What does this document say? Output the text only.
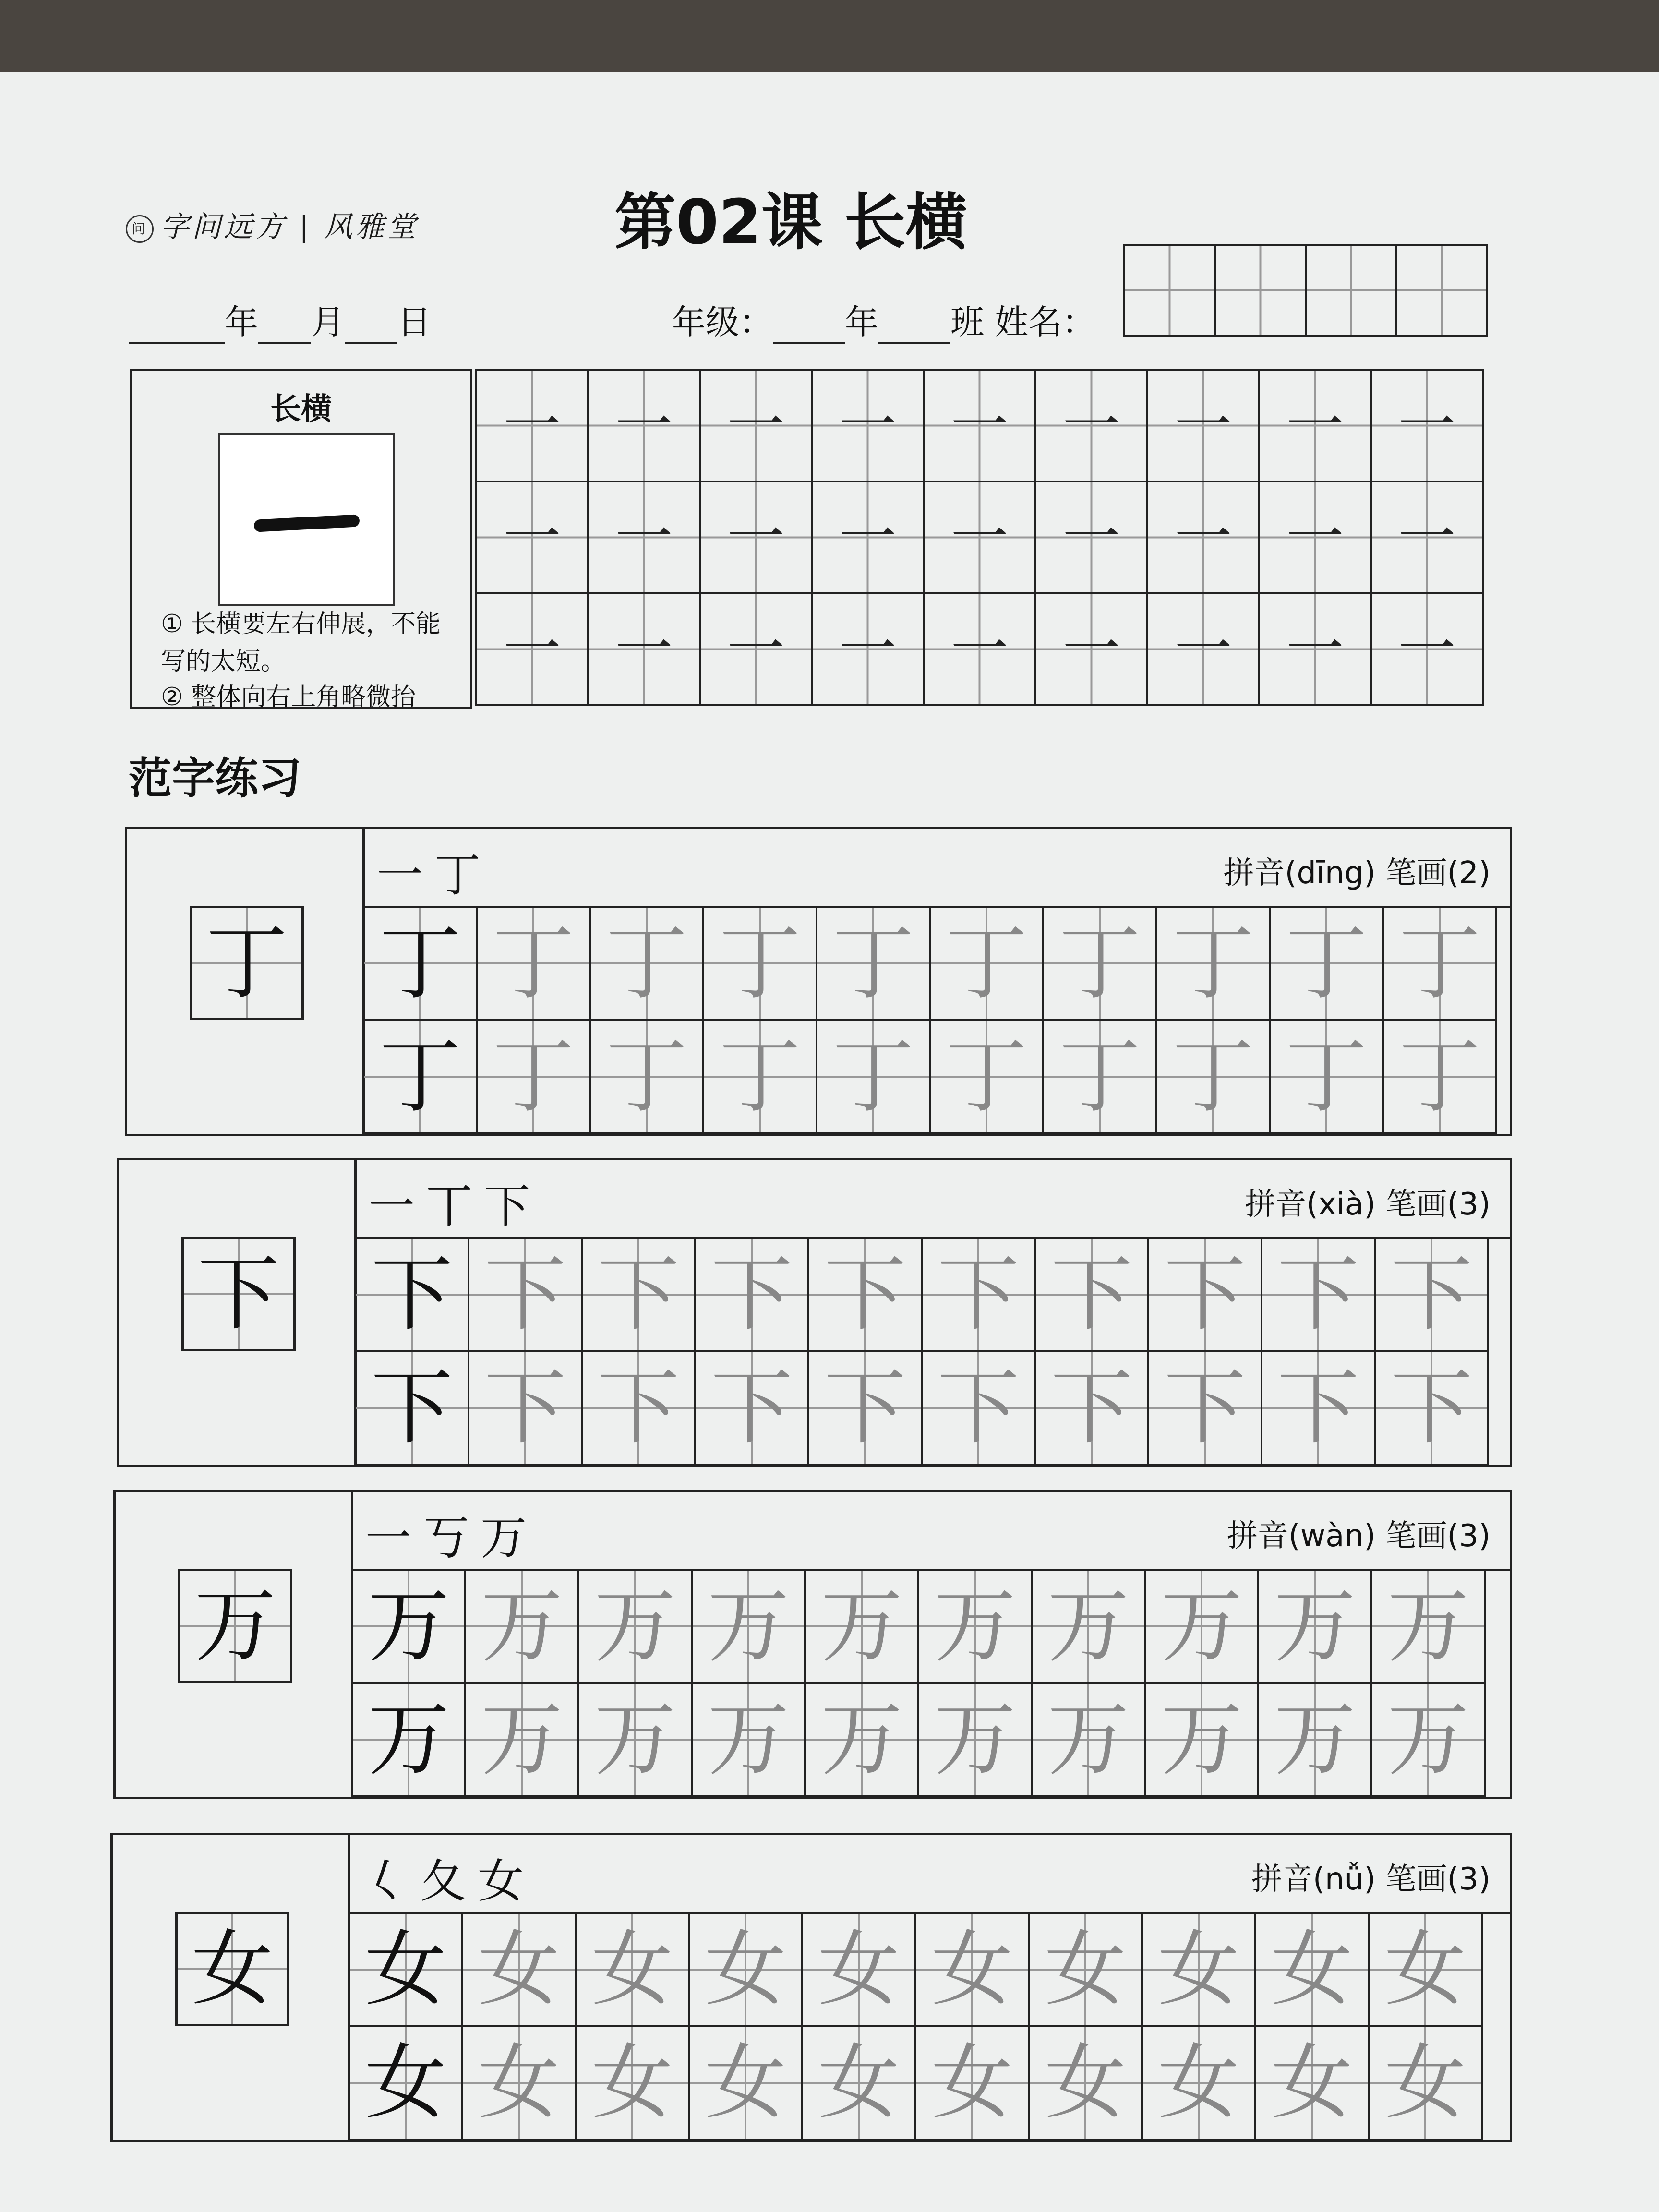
问 字问远方 | 风雅堂	第02课 长横
年 月 日	年级： 年 班 姓名：

长横
① 长横要左右伸展，不能写的太短。
② 整体向右上角略微抬
一	一	一	一	一	一	一	一	一

一	一	一	一	一	一	一	一	一

一	一	一	一	一	一	一	一	一
范字练习
丁
一丁	拼音(dīng) 笔画(2)
丁	丁	丁	丁	丁	丁	丁	丁	丁	丁

丁	丁	丁	丁	丁	丁	丁	丁	丁	丁
下
一丅下	拼音(xià) 笔画(3)
下	下	下	下	下	下	下	下	下	下

下	下	下	下	下	下	下	下	下	下
万
一丂万	拼音(wàn) 笔画(3)
万	万	万	万	万	万	万	万	万	万

万	万	万	万	万	万	万	万	万	万
女
𡿨夂女	拼音(nǚ) 笔画(3)
女	女	女	女	女	女	女	女	女	女

女	女	女	女	女	女	女	女	女	女
